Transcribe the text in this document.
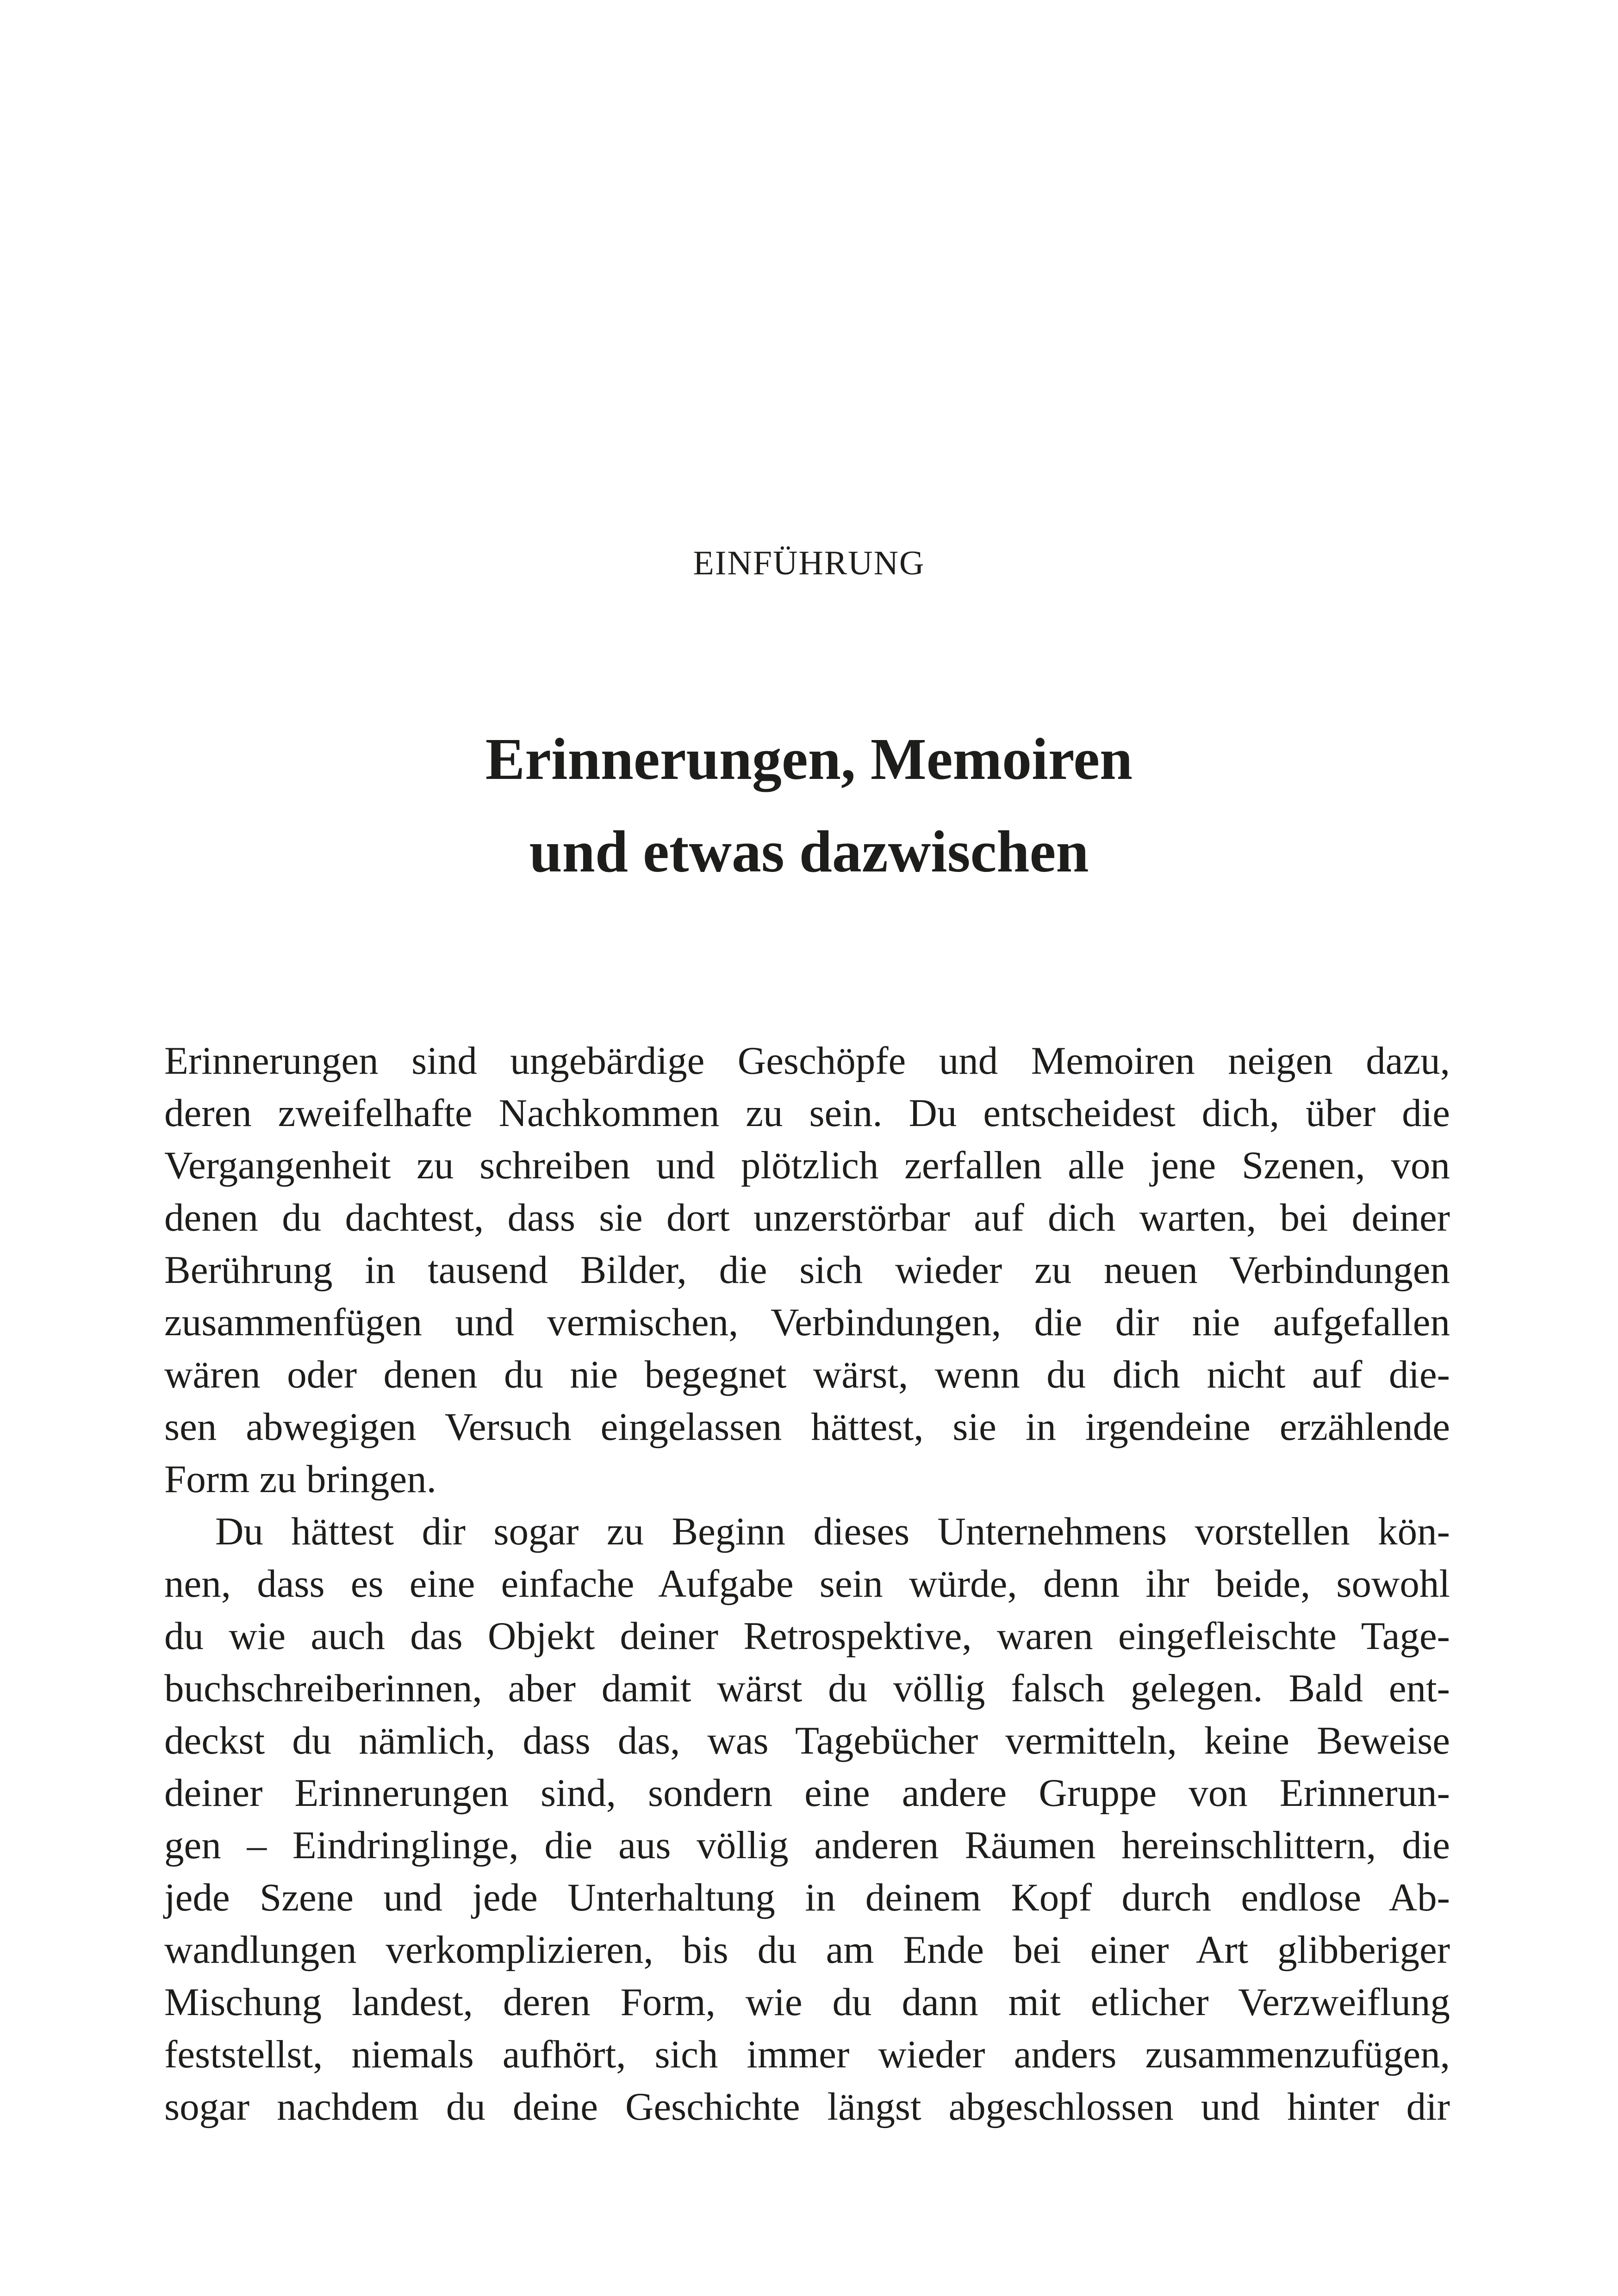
EINFÜHRUNG
Erinnerungen, Memoiren
und etwas dazwischen
Erinnerungen sind ungebärdige Geschöpfe und Memoiren neigen dazu,
deren zweifelhafte Nachkommen zu sein. Du entscheidest dich, über die
Vergangenheit zu schreiben und plötzlich zerfallen alle jene Szenen, von
denen du dachtest, dass sie dort unzerstörbar auf dich warten, bei deiner
Berührung in tausend Bilder, die sich wieder zu neuen Verbindungen
zusammenfügen und vermischen, Verbindungen, die dir nie aufgefallen
wären oder denen du nie begegnet wärst, wenn du dich nicht auf die-
sen abwegigen Versuch eingelassen hättest, sie in irgendeine erzählende
Form zu bringen.
Du hättest dir sogar zu Beginn dieses Unternehmens vorstellen kön-
nen, dass es eine einfache Aufgabe sein würde, denn ihr beide, sowohl
du wie auch das Objekt deiner Retrospektive, waren eingefleischte Tage-
buchschreiberinnen, aber damit wärst du völlig falsch gelegen. Bald ent-
deckst du nämlich, dass das, was Tagebücher vermitteln, keine Beweise
deiner Erinnerungen sind, sondern eine andere Gruppe von Erinnerun-
gen – Eindringlinge, die aus völlig anderen Räumen hereinschlittern, die
jede Szene und jede Unterhaltung in deinem Kopf durch endlose Ab-
wandlungen verkomplizieren, bis du am Ende bei einer Art glibberiger
Mischung landest, deren Form, wie du dann mit etlicher Verzweiflung
feststellst, niemals aufhört, sich immer wieder anders zusammenzufügen,
sogar nachdem du deine Geschichte längst abgeschlossen und hinter dir
